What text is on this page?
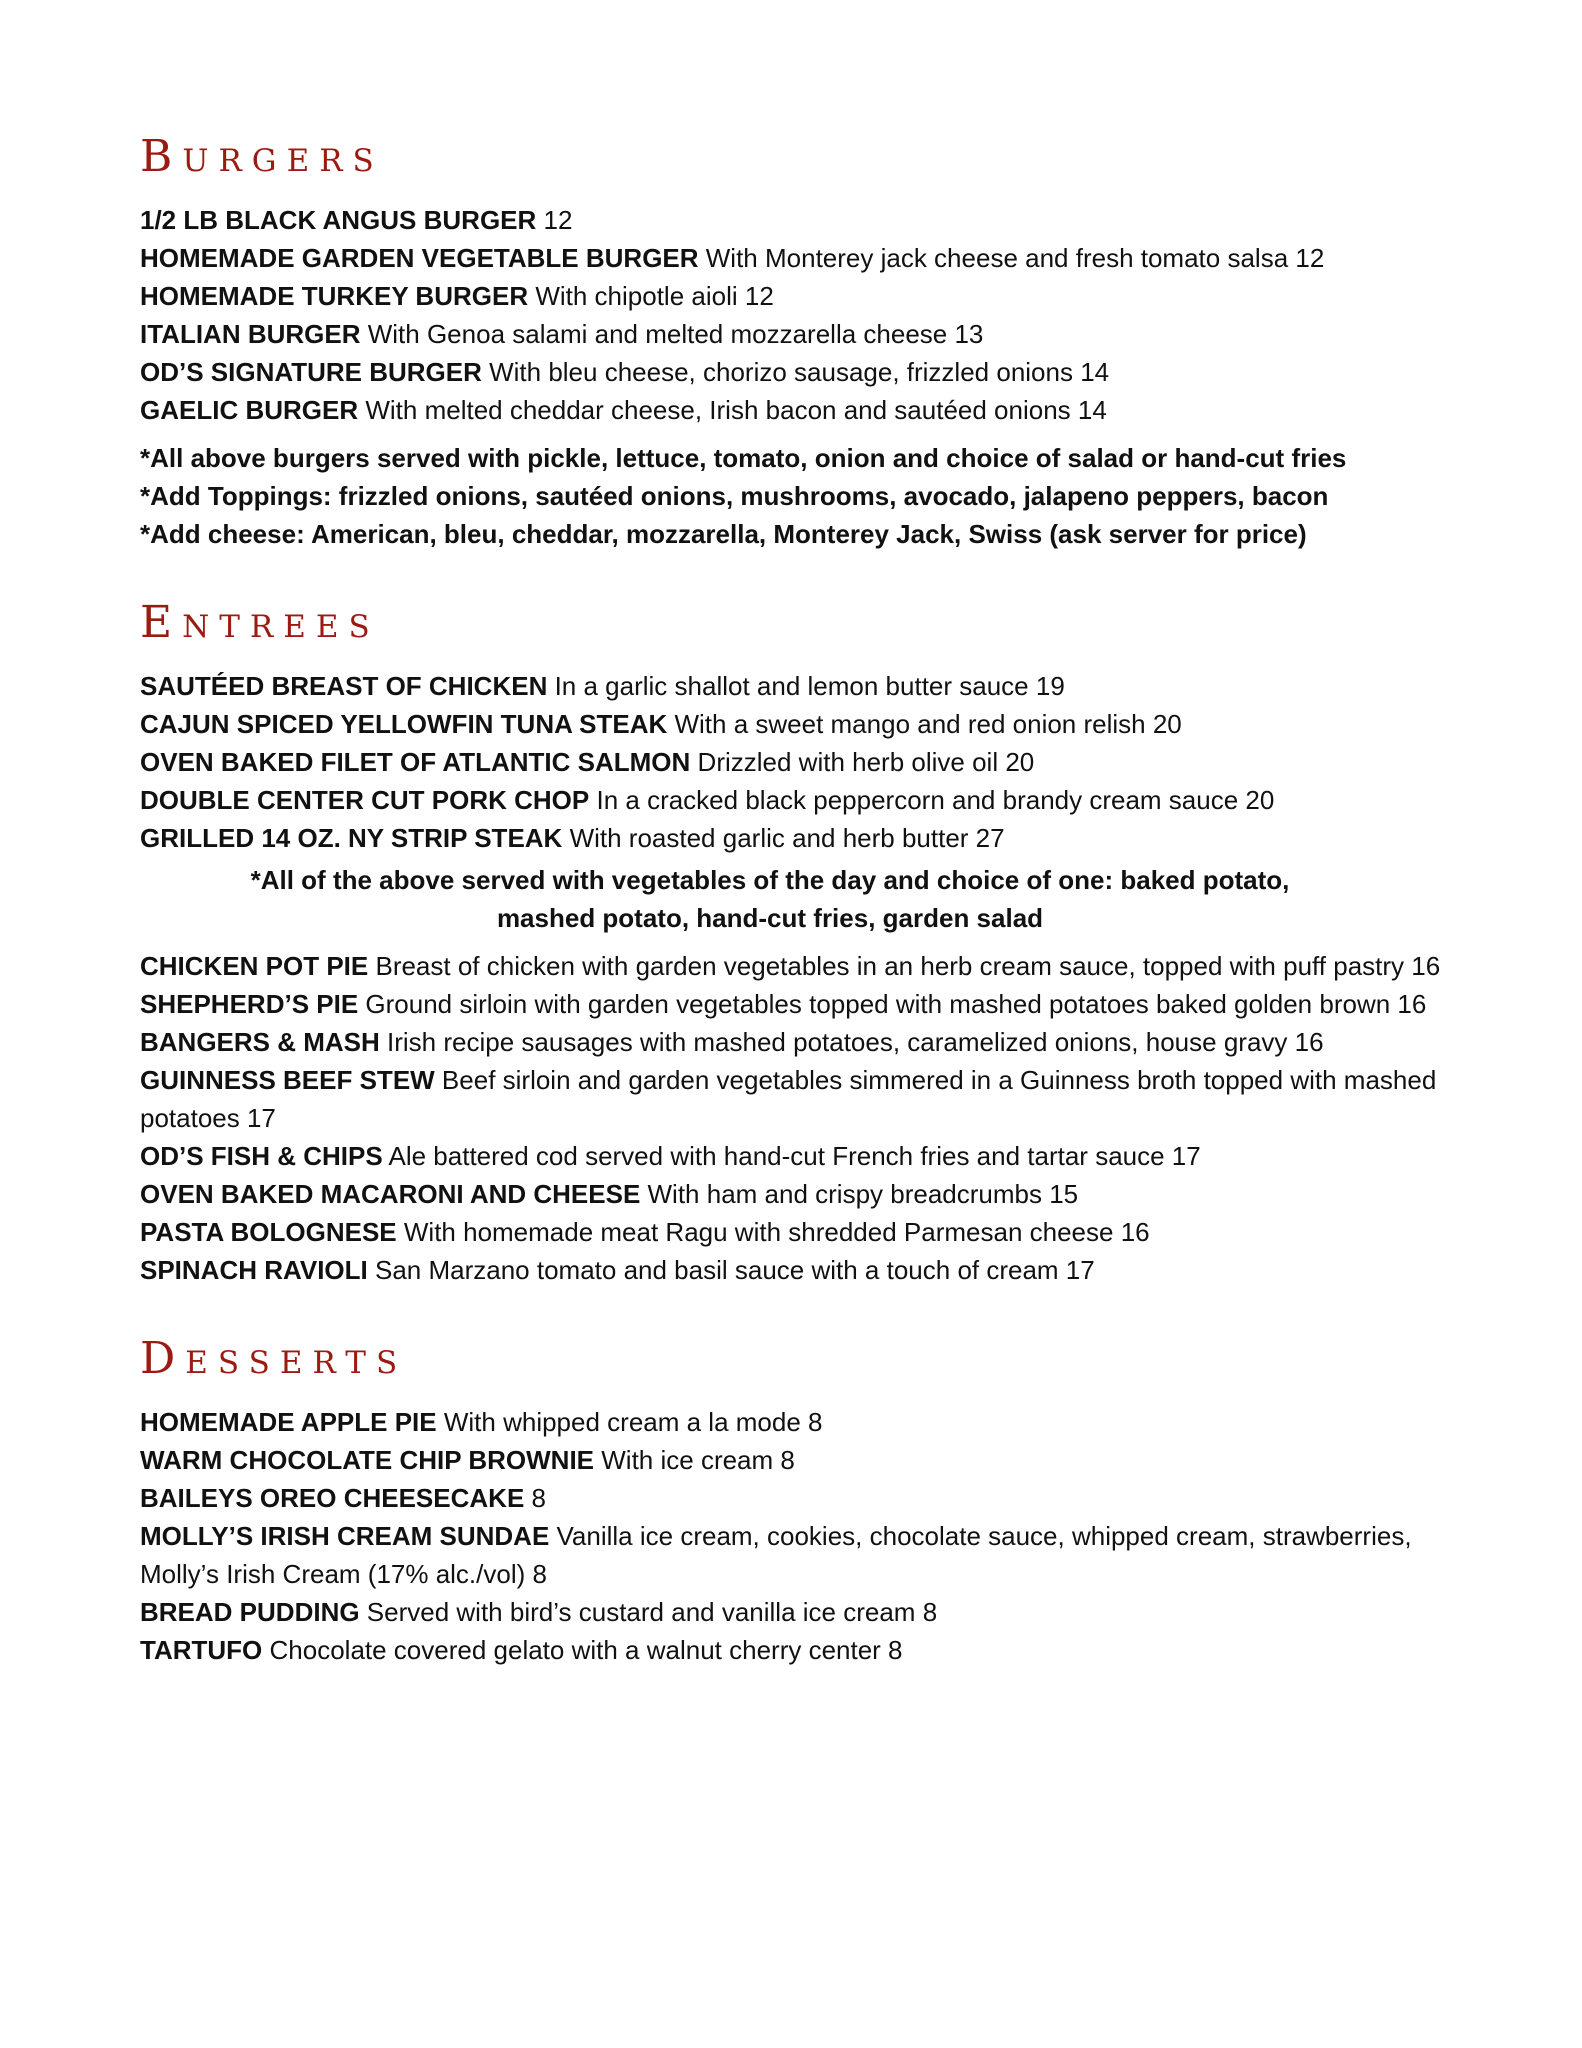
Burgers

1/2 LB BLACK ANGUS BURGER 12

HOMEMADE GARDEN VEGETABLE BURGER With Monterey jack cheese and fresh tomato salsa 12

HOMEMADE TURKEY BURGER With chipotle aioli 12

ITALIAN BURGER With Genoa salami and melted mozzarella cheese 13

OD’S SIGNATURE BURGER With bleu cheese, chorizo sausage, frizzled onions 14

GAELIC BURGER With melted cheddar cheese, Irish bacon and sautéed onions 14

*All above burgers served with pickle, lettuce, tomato, onion and choice of salad or hand-cut fries

*Add Toppings: frizzled onions, sautéed onions, mushrooms, avocado, jalapeno peppers, bacon

*Add cheese: American, bleu, cheddar, mozzarella, Monterey Jack, Swiss (ask server for price)

Entrees

SAUTÉED BREAST OF CHICKEN In a garlic shallot and lemon butter sauce 19

CAJUN SPICED YELLOWFIN TUNA STEAK With a sweet mango and red onion relish 20

OVEN BAKED FILET OF ATLANTIC SALMON Drizzled with herb olive oil 20

DOUBLE CENTER CUT PORK CHOP In a cracked black peppercorn and brandy cream sauce 20

GRILLED 14 OZ. NY STRIP STEAK With roasted garlic and herb butter 27

*All of the above served with vegetables of the day and choice of one: baked potato,
mashed potato, hand-cut fries, garden salad

CHICKEN POT PIE Breast of chicken with garden vegetables in an herb cream sauce, topped with puff pastry 16

SHEPHERD’S PIE Ground sirloin with garden vegetables topped with mashed potatoes baked golden brown 16

BANGERS & MASH Irish recipe sausages with mashed potatoes, caramelized onions, house gravy 16

GUINNESS BEEF STEW Beef sirloin and garden vegetables simmered in a Guinness broth topped with mashed potatoes 17

OD’S FISH & CHIPS Ale battered cod served with hand-cut French fries and tartar sauce 17

OVEN BAKED MACARONI AND CHEESE With ham and crispy breadcrumbs 15

PASTA BOLOGNESE With homemade meat Ragu with shredded Parmesan cheese 16

SPINACH RAVIOLI San Marzano tomato and basil sauce with a touch of cream 17

Desserts

HOMEMADE APPLE PIE With whipped cream a la mode 8

WARM CHOCOLATE CHIP BROWNIE With ice cream 8

BAILEYS OREO CHEESECAKE 8

MOLLY’S IRISH CREAM SUNDAE Vanilla ice cream, cookies, chocolate sauce, whipped cream, strawberries, Molly’s Irish Cream (17% alc./vol) 8

BREAD PUDDING Served with bird’s custard and vanilla ice cream 8

TARTUFO Chocolate covered gelato with a walnut cherry center 8
